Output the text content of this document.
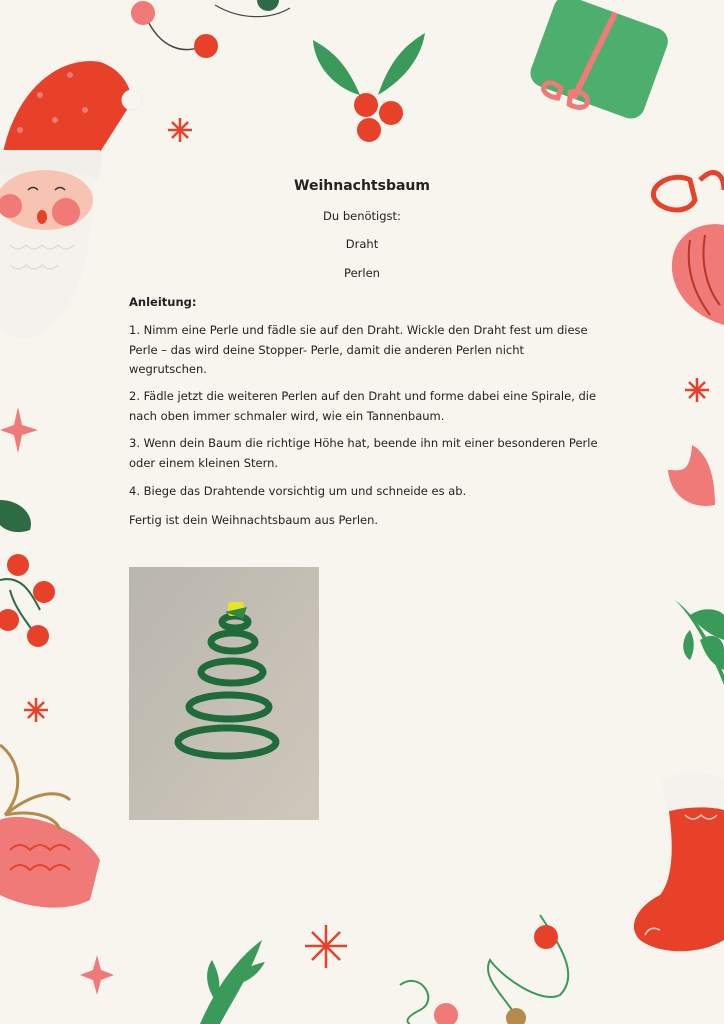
Weihnachtsbaum
Du benötigst:
Draht
Perlen
Anleitung:
1. Nimm eine Perle und fädle sie auf den Draht. Wickle den Draht fest um diese Perle – das wird deine Stopper- Perle, damit die anderen Perlen nicht wegrutschen.
2. Fädle jetzt die weiteren Perlen auf den Draht und forme dabei eine Spirale, die nach oben immer schmaler wird, wie ein Tannenbaum.
3. Wenn dein Baum die richtige Höhe hat, beende ihn mit einer besonderen Perle oder einem kleinen Stern.
4. Biege das Drahtende vorsichtig um und schneide es ab.
Fertig ist dein Weihnachtsbaum aus Perlen.
